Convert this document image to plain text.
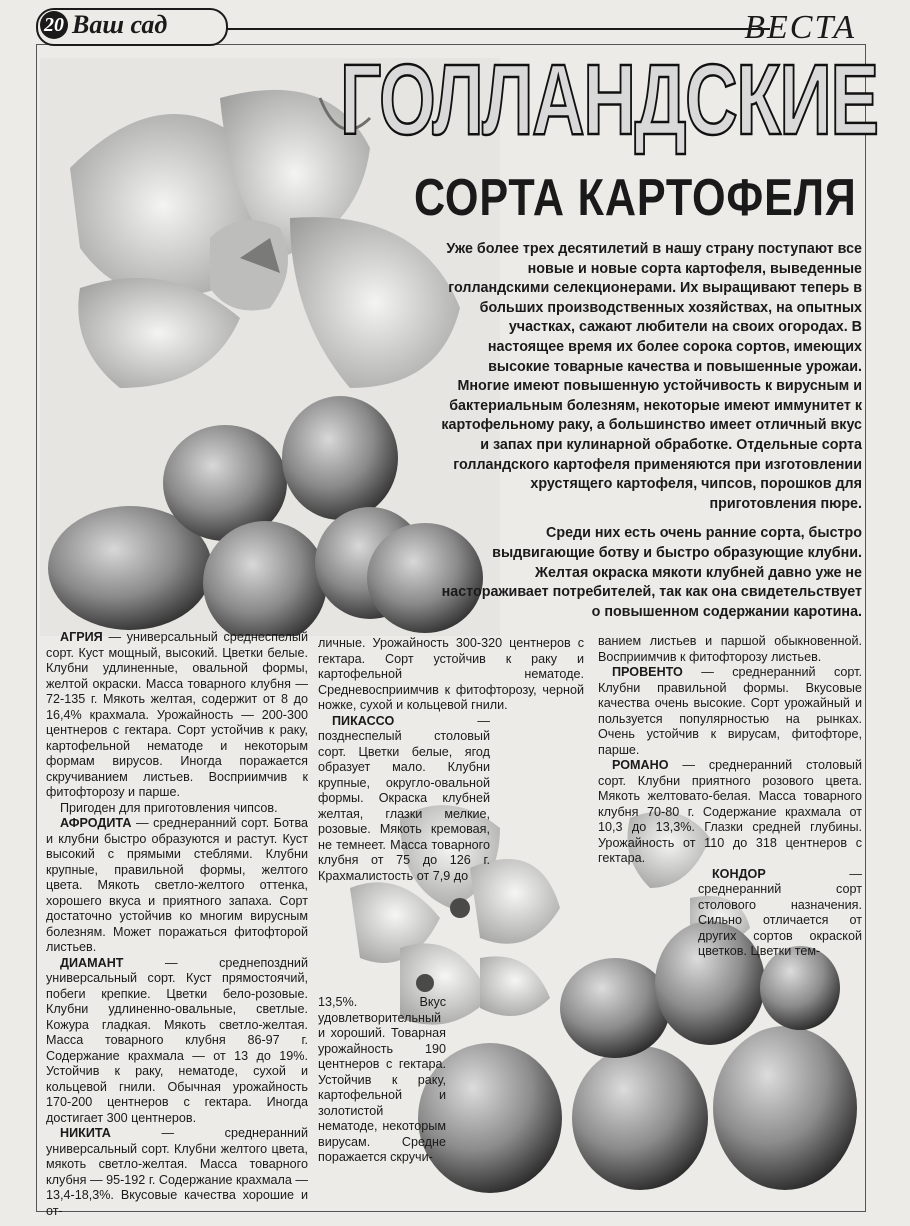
20 Ваш сад	ВЕСТА
ГОЛЛАНДСКИЕ
СОРТА КАРТОФЕЛЯ

Уже более трех десятилетий в нашу страну поступают все новые и новые сорта картофеля, выведенные голландскими селекционерами. Их выращивают теперь в больших производственных хозяйствах, на опытных участках, сажают любители на своих огородах. В настоящее время их более сорока сортов, имеющих высокие товарные качества и повышенные урожаи. Многие имеют повышенную устойчивость к вирусным и бактериальным болезням, некоторые имеют иммунитет к картофельному раку, а большинство имеет отличный вкус и запах при кулинарной обработке. Отдельные сорта голландского картофеля применяются при изготовлении хрустящего картофеля, чипсов, порошков для приготовления пюре.

Среди них есть очень ранние сорта, быстро выдвигающие ботву и быстро образующие клубни. Желтая окраска мякоти клубней давно уже не настораживает потребителей, так как она свидетельствует о повышенном содержании каротина.

АГРИЯ — универсальный среднеспелый сорт. Куст мощный, высокий. Цветки белые. Клубни удлиненные, овальной формы, желтой окраски. Масса товарного клубня — 72-135 г. Мякоть желтая, содержит от 8 до 16,4% крахмала. Урожайность — 200-300 центнеров с гектара. Сорт устойчив к раку, картофельной нематоде и некоторым формам вирусов. Иногда поражается скручиванием листьев. Восприимчив к фитофторозу и парше.

Пригоден для приготовления чипсов.

АФРОДИТА — среднеранний сорт. Ботва и клубни быстро образуются и растут. Куст высокий с прямыми стеблями. Клубни крупные, правильной формы, желтого цвета. Мякоть светло-желтого оттенка, хорошего вкуса и приятного запаха. Сорт достаточно устойчив ко многим вирусным болезням. Может поражаться фитофторой листьев.

ДИАМАНТ — среднепоздний универсальный сорт. Куст прямостоячий, побеги крепкие. Цветки бело-розовые. Клубни удлиненно-овальные, светлые. Кожура гладкая. Мякоть светло-желтая. Масса товарного клубня 86-97 г. Содержание крахмала — от 13 до 19%. Устойчив к раку, нематоде, сухой и кольцевой гнили. Обычная урожайность 170-200 центнеров с гектара. Иногда достигает 300 центнеров.

НИКИТА — среднеранний универсальный сорт. Клубни желтого цвета, мякоть светло-желтая. Масса товарного клубня — 95-192 г. Содержание крахмала — 13,4-18,3%. Вкусовые качества хорошие и от-

личные. Урожайность 300-320 центнеров с гектара. Сорт устойчив к раку и картофельной нематоде. Средневосприимчив к фитофторозу, черной ножке, сухой и кольцевой гнили.

ПИКАССО — позднеспелый столовый сорт. Цветки белые, ягод образует мало. Клубни крупные, округло-овальной формы. Окраска клубней желтая, глазки мелкие, розовые. Мякоть кремовая, не темнеет. Масса товарного клубня от 75 до 126 г. Крахмалистость от 7,9 до

13,5%. Вкус удовлетворительный и хороший. Товарная урожайность 190 центнеров с гектара. Устойчив к раку, картофельной и золотистой нематоде, некоторым вирусам. Средне поражается скручи-

ванием листьев и паршой обыкновенной. Восприимчив к фитофторозу листьев.

ПРОВЕНТО — среднеранний сорт. Клубни правильной формы. Вкусовые качества очень высокие. Сорт урожайный и пользуется популярностью на рынках. Очень устойчив к вирусам, фитофторе, парше.

РОМАНО — среднеранний столовый сорт. Клубни приятного розового цвета. Мякоть желтовато-белая. Масса товарного клубня 70-80 г. Содержание крахмала от 10,3 до 13,3%. Глазки средней глубины. Урожайность от 110 до 318 центнеров с гектара.

КОНДОР — среднеранний сорт столового назначения. Сильно отличается от других сортов окраской цветков. Цветки тем-
